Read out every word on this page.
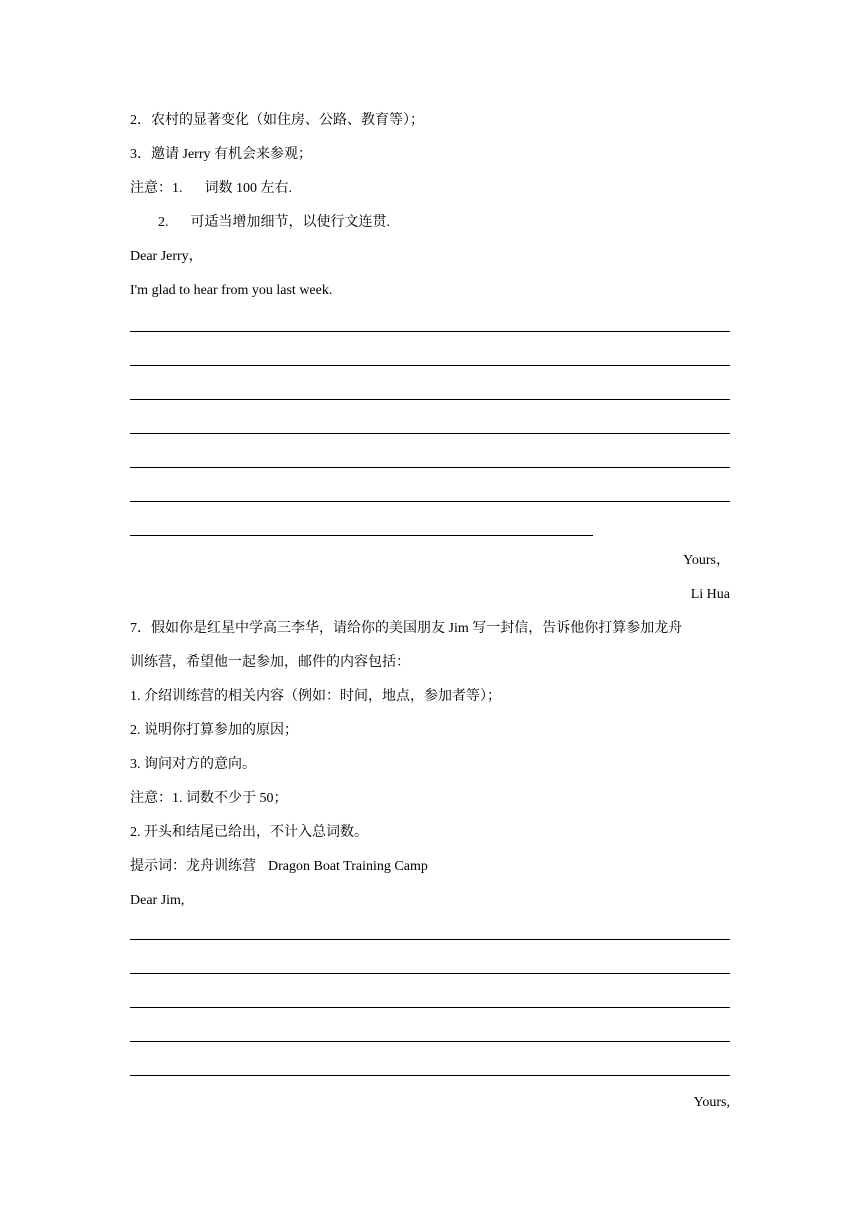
2．农村的显著变化（如住房、公路、教育等）；
3．邀请 Jerry 有机会来参观；
注意：1. 词数 100 左右.
2. 可适当增加细节，以使行文连贯.
Dear Jerry，
I'm glad to hear from you last week.
Yours，
Li Hua
7．假如你是红星中学高三李华，请给你的美国朋友 Jim 写一封信，告诉他你打算参加龙舟
训练营，希望他一起参加，邮件的内容包括：
1. 介绍训练营的相关内容（例如：时间，地点，参加者等）；
2. 说明你打算参加的原因；
3. 询问对方的意向。
注意：1. 词数不少于 50；
2. 开头和结尾已给出，不计入总词数。
提示词：龙舟训练营 Dragon Boat Training Camp
Dear Jim,
Yours,
